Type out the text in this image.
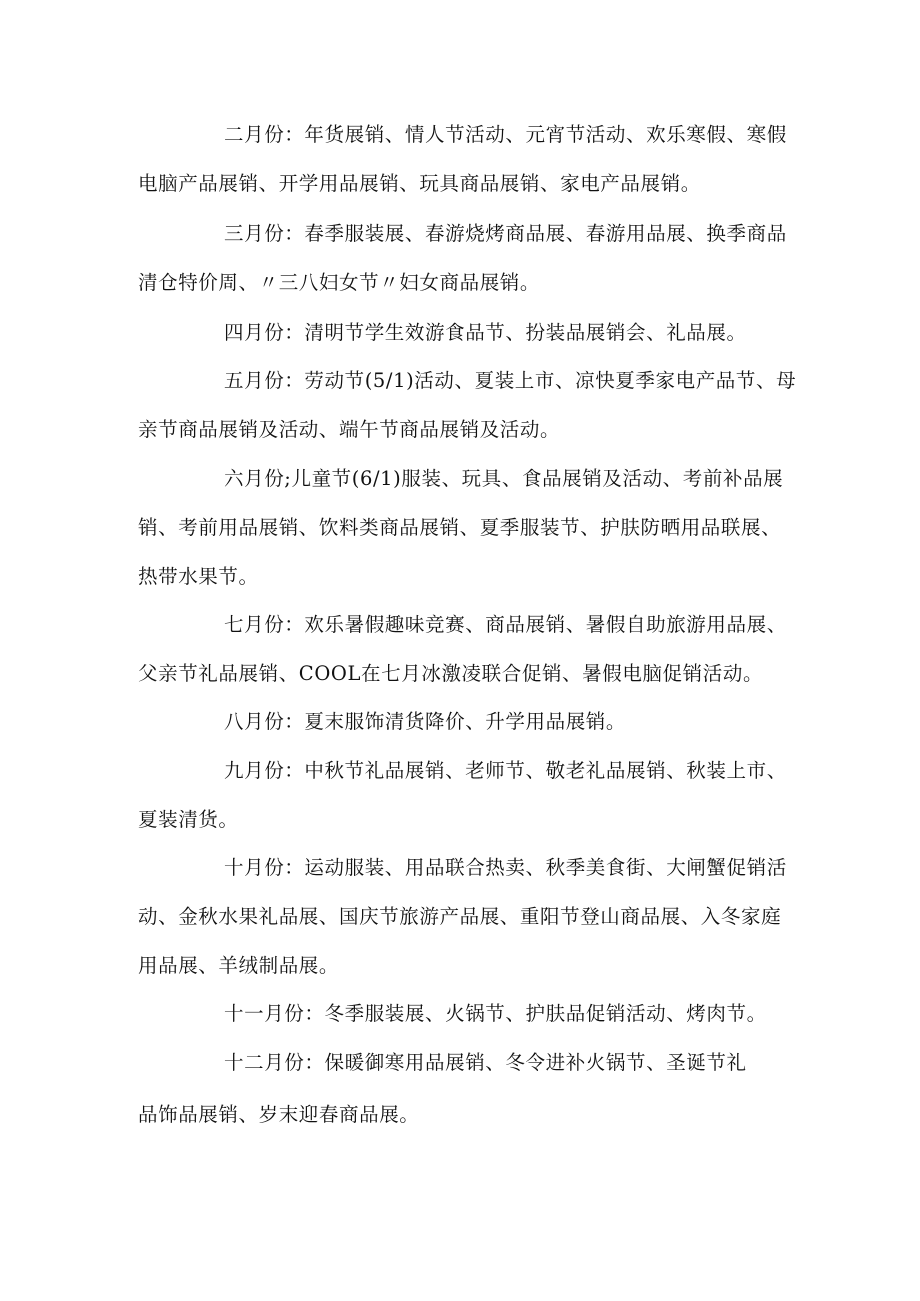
二月份：年货展销、情人节活动、元宵节活动、欢乐寒假、寒假
电脑产品展销、开学用品展销、玩具商品展销、家电产品展销。

三月份：春季服装展、春游烧烤商品展、春游用品展、换季商品
清仓特价周、〃三八妇女节〃妇女商品展销。

四月份：清明节学生效游食品节、扮装品展销会、礼品展。

五月份：劳动节(5/1)活动、夏装上市、凉快夏季家电产品节、母
亲节商品展销及活动、端午节商品展销及活动。

六月份;儿童节(6/1)服装、玩具、食品展销及活动、考前补品展
销、考前用品展销、饮料类商品展销、夏季服装节、护肤防晒用品联展、
热带水果节。

七月份：欢乐暑假趣味竞赛、商品展销、暑假自助旅游用品展、
父亲节礼品展销、COOL在七月冰激凌联合促销、暑假电脑促销活动。

八月份：夏末服饰清货降价、升学用品展销。

九月份：中秋节礼品展销、老师节、敬老礼品展销、秋装上市、
夏装清货。

十月份：运动服装、用品联合热卖、秋季美食街、大闸蟹促销活
动、金秋水果礼品展、国庆节旅游产品展、重阳节登山商品展、入冬家庭
用品展、羊绒制品展。

十一月份：冬季服装展、火锅节、护肤品促销活动、烤肉节。

十二月份：保暖御寒用品展销、冬令进补火锅节、圣诞节礼

品饰品展销、岁末迎春商品展。
